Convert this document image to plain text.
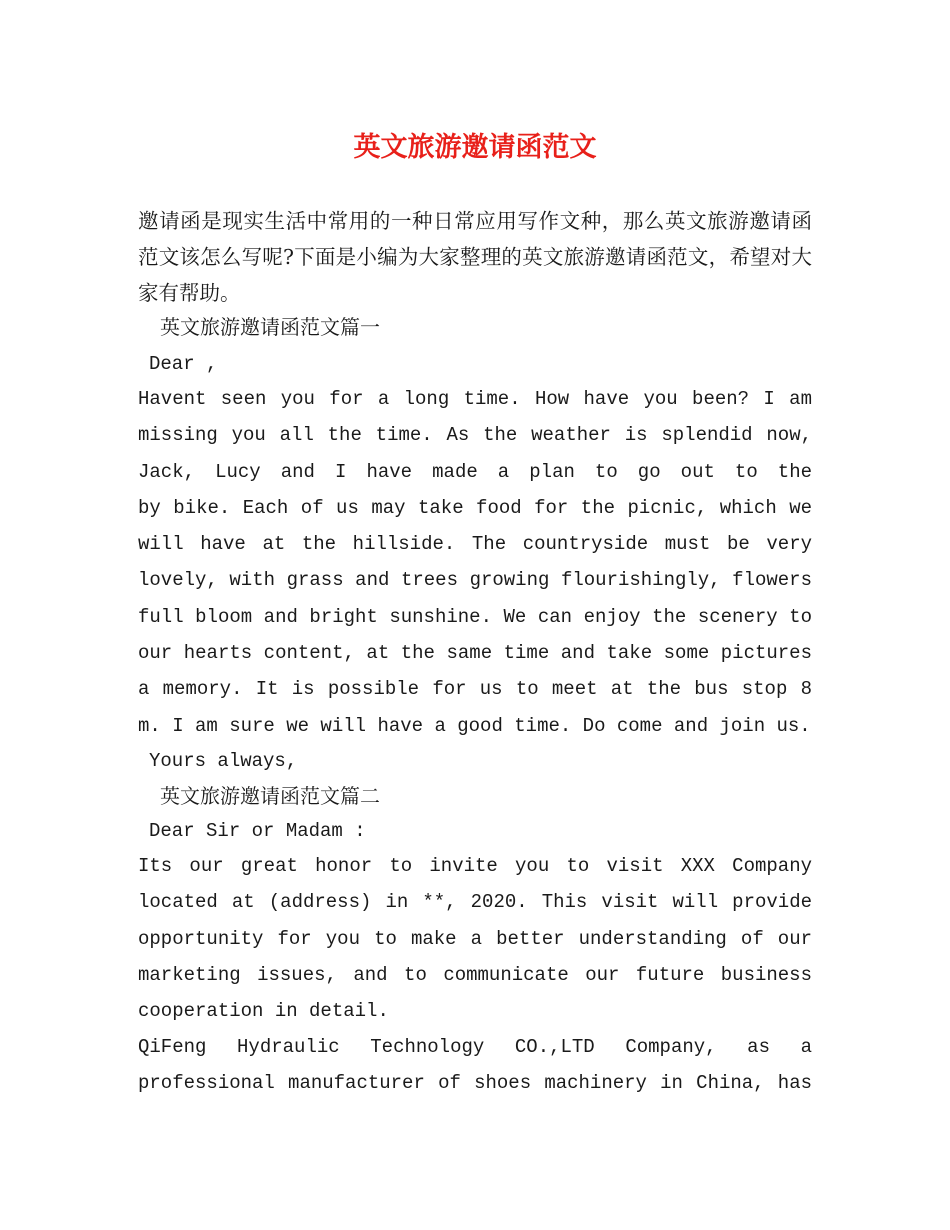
英文旅游邀请函范文

邀请函是现实生活中常用的一种日常应用写作文种，那么英文旅游邀请函范文该怎么写呢?下面是小编为大家整理的英文旅游邀请函范文，希望对大家有帮助。

英文旅游邀请函范文篇一

Dear ,

Havent seen you for a long time. How have you been? I am
missing you all the time. As the weather is splendid now,
Jack, Lucy and I have made a plan to go out to the
by bike. Each of us may take food for the picnic, which we
will have at the hillside. The countryside must be very
lovely, with grass and trees growing flourishingly, flowers
full bloom and bright sunshine. We can enjoy the scenery to
our hearts content, at the same time and take some pictures
a memory. It is possible for us to meet at the bus stop 8
m. I am sure we will have a good time. Do come and join us.

Yours always,

英文旅游邀请函范文篇二

Dear Sir or Madam :

Its our great honor to invite you to visit XXX Company
located at (address) in **, 2020. This visit will provide
opportunity for you to make a better understanding of our
marketing issues, and to communicate our future business
cooperation in detail.
QiFeng Hydraulic Technology CO.,LTD Company, as a
professional manufacturer of shoes machinery in China, has
